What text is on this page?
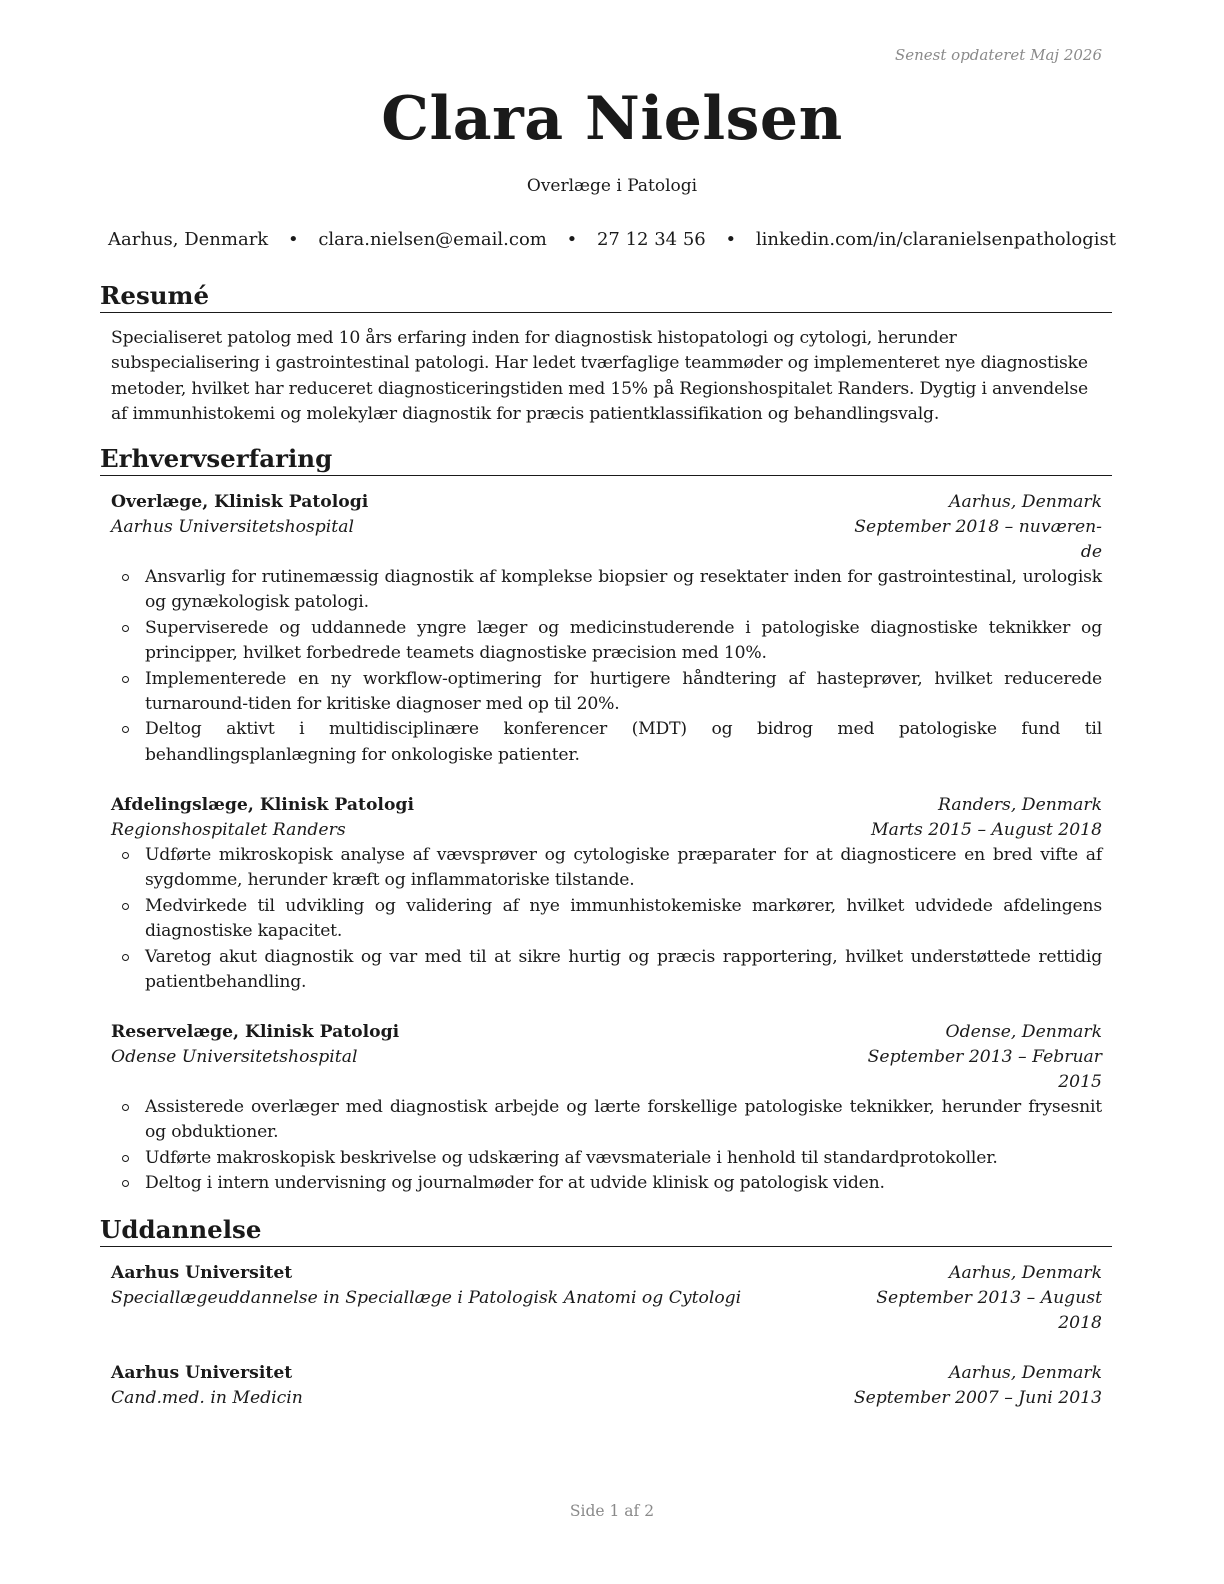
Senest opdateret Maj 2026
Clara Nielsen
Overlæge i Patologi
Aarhus, Denmark • clara.nielsen@email.com • 27 12 34 56 • linkedin.com/in/claranielsenpathologist
Resumé
Specialiseret patolog med 10 års erfaring inden for diagnostisk histopatologi og cytologi, herunder subspecialisering i gastrointestinal patologi. Har ledet tværfaglige teammøder og implementeret nye diagnostiske metoder, hvilket har reduceret diagnosticeringstiden med 15% på Regionshospitalet Randers. Dygtig i anvendelse af immunhistokemi og molekylær diagnostik for præcis patientklassifikation og behandlingsvalg.
Erhvervserfaring
Overlæge, Klinisk Patologi	Aarhus, Denmark
Aarhus Universitetshospital	September 2018 – nuværen-de
Ansvarlig for rutinemæssig diagnostik af komplekse biopsier og resektater inden for gastrointestinal, urologisk og gynækologisk patologi.
Superviserede og uddannede yngre læger og medicinstuderende i patologiske diagnostiske teknikker og principper, hvilket forbedrede teamets diagnostiske præcision med 10%.
Implementerede en ny workflow-optimering for hurtigere håndtering af hasteprøver, hvilket reducerede turnaround-tiden for kritiske diagnoser med op til 20%.
Deltog aktivt i multidisciplinære konferencer (MDT) og bidrog med patologiske fund til behandlingsplanlægning for onkologiske patienter.
Afdelingslæge, Klinisk Patologi	Randers, Denmark
Regionshospitalet Randers	Marts 2015 – August 2018
Udførte mikroskopisk analyse af vævsprøver og cytologiske præparater for at diagnosticere en bred vifte af sygdomme, herunder kræft og inflammatoriske tilstande.
Medvirkede til udvikling og validering af nye immunhistokemiske markører, hvilket udvidede afdelingens diagnostiske kapacitet.
Varetog akut diagnostik og var med til at sikre hurtig og præcis rapportering, hvilket understøttede rettidig patientbehandling.
Reservelæge, Klinisk Patologi	Odense, Denmark
Odense Universitetshospital	September 2013 – Februar 2015
Assisterede overlæger med diagnostisk arbejde og lærte forskellige patologiske teknikker, herunder frysesnit og obduktioner.
Udførte makroskopisk beskrivelse og udskæring af vævsmateriale i henhold til standardprotokoller.
Deltog i intern undervisning og journalmøder for at udvide klinisk og patologisk viden.
Uddannelse
Aarhus Universitet	Aarhus, Denmark
Speciallægeuddannelse in Speciallæge i Patologisk Anatomi og Cytologi	September 2013 – August 2018
Aarhus Universitet	Aarhus, Denmark
Cand.med. in Medicin	September 2007 – Juni 2013
Side 1 af 2
